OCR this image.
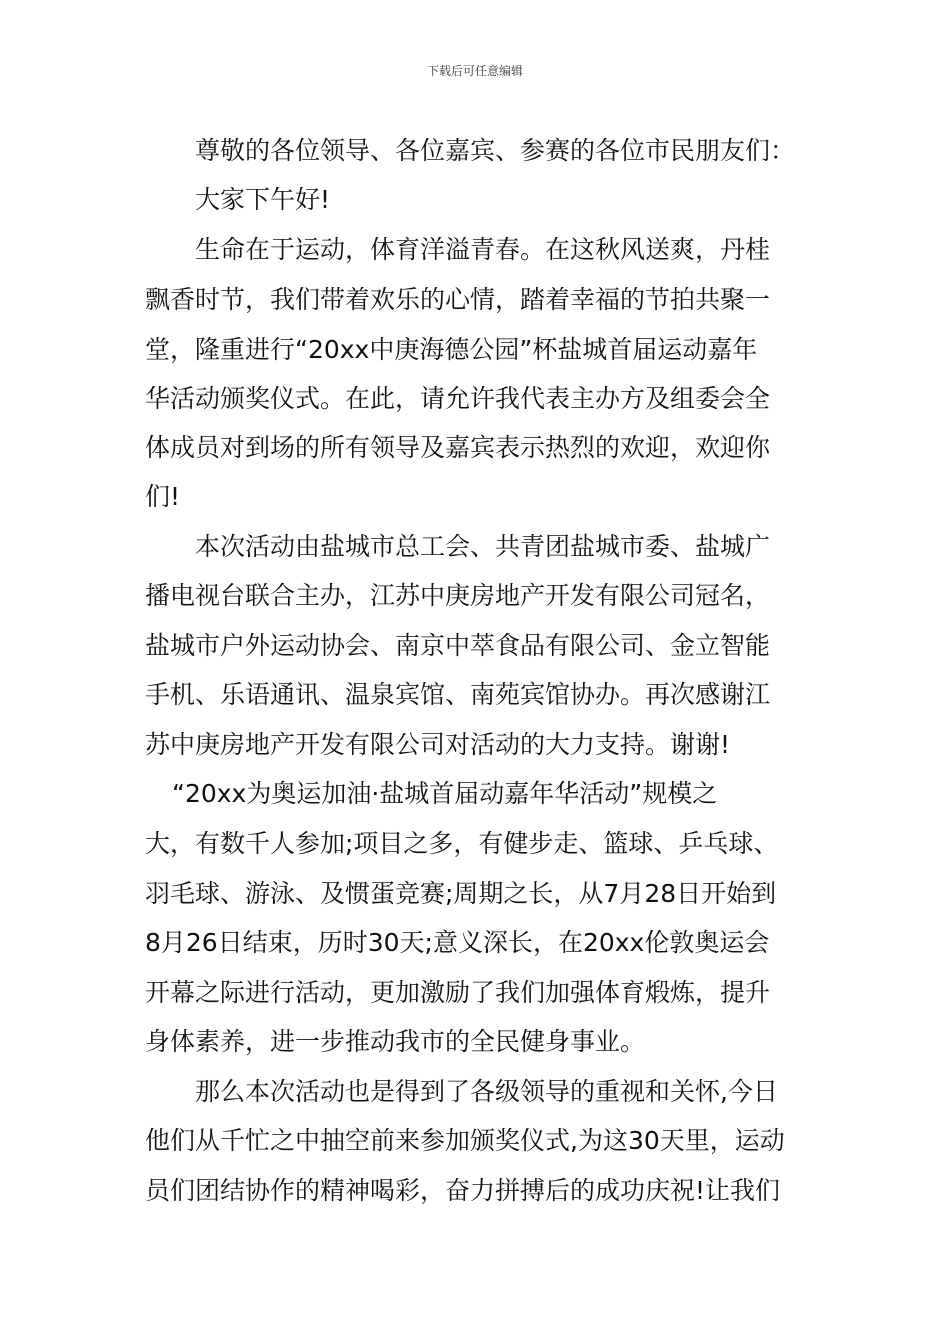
下载后可任意编辑
尊敬的各位领导、各位嘉宾、参赛的各位市民朋友们：
大家下午好!
生命在于运动，体育洋溢青春。在这秋风送爽，丹桂
飘香时节，我们带着欢乐的心情，踏着幸福的节拍共聚一
堂，隆重进行“20xx中庚海德公园”杯盐城首届运动嘉年
华活动颁奖仪式。在此，请允许我代表主办方及组委会全
体成员对到场的所有领导及嘉宾表示热烈的欢迎，欢迎你
们!
本次活动由盐城市总工会、共青团盐城市委、盐城广
播电视台联合主办，江苏中庚房地产开发有限公司冠名，
盐城市户外运动协会、南京中萃食品有限公司、金立智能
手机、乐语通讯、温泉宾馆、南苑宾馆协办。再次感谢江
苏中庚房地产开发有限公司对活动的大力支持。谢谢!
“20xx为奥运加油·盐城首届动嘉年华活动”规模之
大，有数千人参加;项目之多，有健步走、篮球、乒乓球、
羽毛球、游泳、及惯蛋竞赛;周期之长，从7月28日开始到
8月26日结束，历时30天;意义深长，在20xx伦敦奥运会
开幕之际进行活动，更加激励了我们加强体育煅炼，提升
身体素养，进一步推动我市的全民健身事业。
那么本次活动也是得到了各级领导的重视和关怀,今日
他们从千忙之中抽空前来参加颁奖仪式,为这30天里，运动
员们团结协作的精神喝彩，奋力拼搏后的成功庆祝!让我们
